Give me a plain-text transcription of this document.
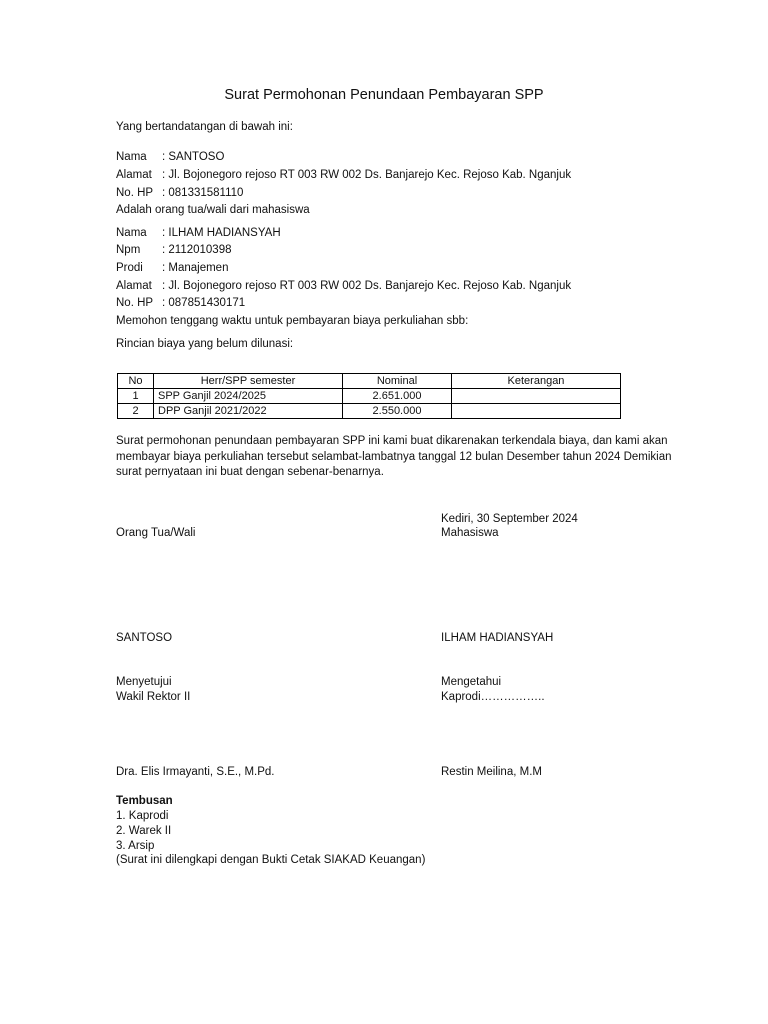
Surat Permohonan Penundaan Pembayaran SPP
Yang bertandatangan di bawah ini:
Nama : SANTOSO
Alamat : Jl. Bojonegoro rejoso RT 003 RW 002 Ds. Banjarejo Kec. Rejoso Kab. Nganjuk
No. HP : 081331581110
Adalah orang tua/wali dari mahasiswa
Nama : ILHAM HADIANSYAH
Npm : 2112010398
Prodi : Manajemen
Alamat : Jl. Bojonegoro rejoso RT 003 RW 002 Ds. Banjarejo Kec. Rejoso Kab. Nganjuk
No. HP : 087851430171
Memohon tenggang waktu untuk pembayaran biaya perkuliahan sbb:
Rincian biaya yang belum dilunasi:
No	Herr/SPP semester	Nominal	Keterangan
1	SPP Ganjil 2024/2025	2.651.000	
2	DPP Ganjil 2021/2022	2.550.000	
Surat permohonan penundaan pembayaran SPP ini kami buat dikarenakan terkendala biaya, dan kami akan membayar biaya perkuliahan tersebut selambat-lambatnya tanggal 12 bulan Desember tahun 2024 Demikian surat pernyataan ini buat dengan sebenar-benarnya.
Kediri, 30 September 2024
Orang Tua/Wali	Mahasiswa
SANTOSO	ILHAM HADIANSYAH
Menyetujui
Wakil Rektor II
Mengetahui
Kaprodi……………..
Dra. Elis Irmayanti, S.E., M.Pd.	Restin Meilina, M.M
Tembusan
1. Kaprodi
2. Warek II
3. Arsip
(Surat ini dilengkapi dengan Bukti Cetak SIAKAD Keuangan)
